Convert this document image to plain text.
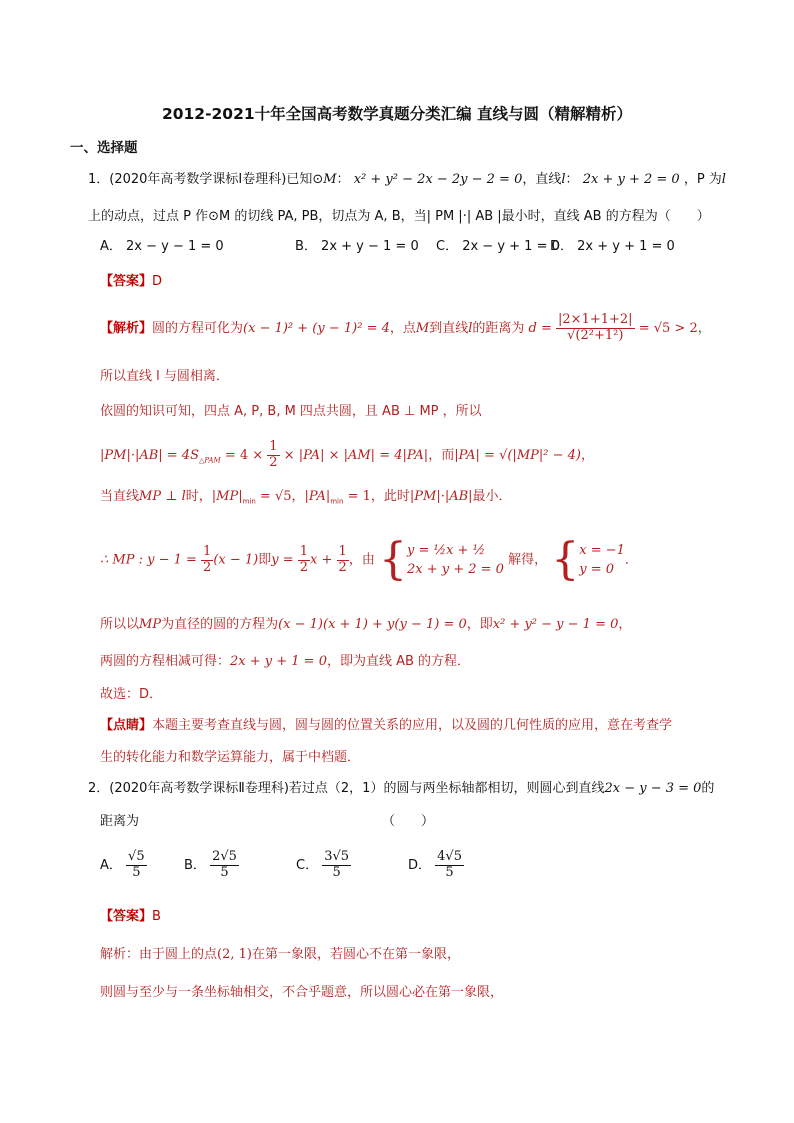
2012-2021十年全国高考数学真题分类汇编 直线与圆（精解精析）
一、选择题
1．(2020年高考数学课标Ⅰ卷理科)已知⊙M： x² + y² − 2x − 2y − 2 = 0，直线l： 2x + y + 2 = 0 ，P 为l
上的动点，过点 P 作⊙M 的切线 PA, PB，切点为 A, B，当| PM |·| AB |最小时，直线 AB 的方程为（　　）
A． 2x − y − 1 = 0	B． 2x + y − 1 = 0 C． 2x − y + 1 = 0
D． 2x + y + 1 = 0
【答案】D
【解析】圆的方程可化为(x − 1)² + (y − 1)² = 4，点M到直线l的距离为 $d = \frac{|2\times 1+1+2|}{\text{√(2²+1²)}} = √5 > 2$，
所以直线 l 与圆相离．
依圆的知识可知，四点 A, P, B, M 四点共圆，且 AB ⊥ MP ，所以
$|PM|\cdot|AB| = 4S_{\triangle PAM} = 4 \times \frac{1}{2} \times |PA| \times |AM| = 4|PA|$，而|PA| = √(|MP|² − 4)，
当直线MP ⊥ l时，$|MP|_{min} = √5$，$|PA|_{min} = 1$，此时|PM|·|AB|最小．
∴ MP : $y - 1 = \frac{1}{2} (x - 1)$即$y = \frac{1}{2}$ $x + \frac{1}{2}$ ，由 { y = ½x + ½
2x + y + 2 = 0
解得， { x = −1
y = 0
．
所以以MP为直径的圆的方程为(x − 1)(x + 1) + y(y − 1) = 0，即x² + y² − y − 1 = 0，
两圆的方程相减可得：2x + y + 1 = 0，即为直线 AB 的方程．
故选：D．
【点睛】本题主要考查直线与圆，圆与圆的位置关系的应用，以及圆的几何性质的应用，意在考查学
生的转化能力和数学运算能力，属于中档题．
2．(2020年高考数学课标Ⅱ卷理科)若过点（2，1）的圆与两坐标轴都相切，则圆心到直线2x − y − 3 = 0的
距离为	（　　）
A． $\frac{√5}{5}$	B． $\frac{2√5}{5}$	C． $\frac{3√5}{5}$	D． $\frac{4√5}{5}$
【答案】B
解析：由于圆上的点(2, 1)在第一象限，若圆心不在第一象限，
则圆与至少与一条坐标轴相交，不合乎题意，所以圆心必在第一象限，
